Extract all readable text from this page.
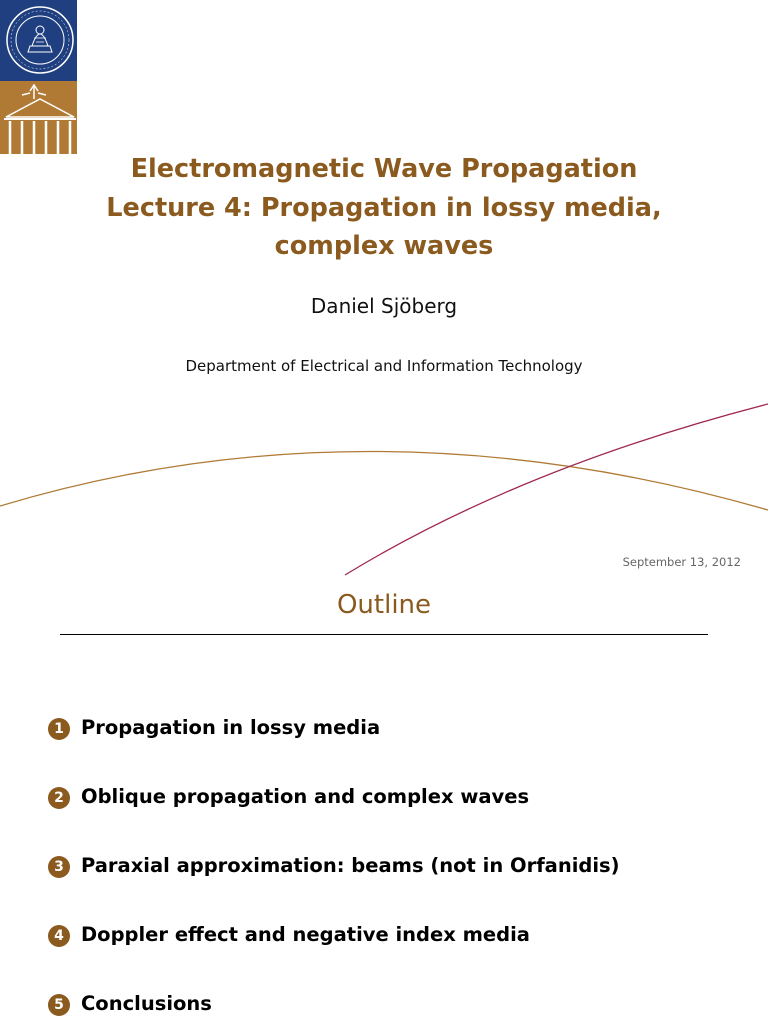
Electromagnetic Wave Propagation
Lecture 4: Propagation in lossy media,
complex waves
Daniel Sjöberg
Department of Electrical and Information Technology
September 13, 2012
Outline
1 Propagation in lossy media
2 Oblique propagation and complex waves
3 Paraxial approximation: beams (not in Orfanidis)
4 Doppler effect and negative index media
5 Conclusions
